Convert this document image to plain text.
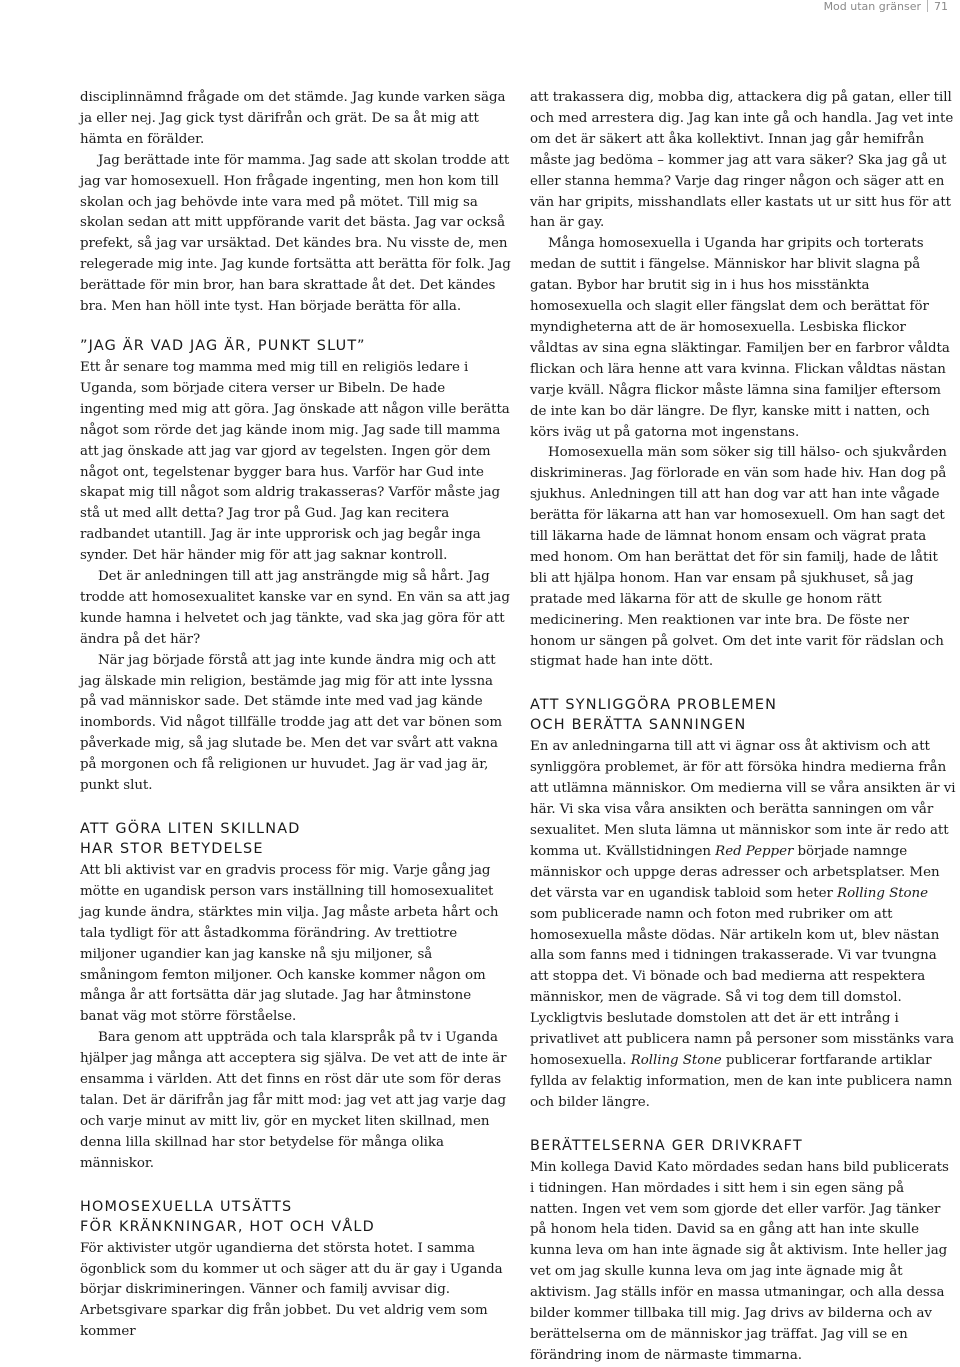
Mod utan gränser 71

disciplinnämnd frågade om det stämde. Jag kunde varken säga ja eller nej. Jag gick tyst därifrån och grät. De sa åt mig att hämta en förälder.

Jag berättade inte för mamma. Jag sade att skolan trodde att jag var homosexuell. Hon frågade ingenting, men hon kom till skolan och jag behövde inte vara med på mötet. Till mig sa skolan sedan att mitt uppförande varit det bästa. Jag var också prefekt, så jag var ursäktad. Det kändes bra. Nu visste de, men relegerade mig inte. Jag kunde fortsätta att berätta för folk. Jag berättade för min bror, han bara skrattade åt det. Det kändes bra. Men han höll inte tyst. Han började berätta för alla.

”JAG ÄR VAD JAG ÄR, PUNKT SLUT”

Ett år senare tog mamma med mig till en religiös ledare i Uganda, som började citera verser ur Bibeln. De hade ingenting med mig att göra. Jag önskade att någon ville berätta något som rörde det jag kände inom mig. Jag sade till mamma att jag önskade att jag var gjord av tegelsten. Ingen gör dem något ont, tegelstenar bygger bara hus. Varför har Gud inte skapat mig till något som aldrig trakasseras? Varför måste jag stå ut med allt detta? Jag tror på Gud. Jag kan recitera radbandet utantill. Jag är inte upprorisk och jag begår inga synder. Det här händer mig för att jag saknar kontroll.

Det är anledningen till att jag ansträngde mig så hårt. Jag trodde att homosexualitet kanske var en synd. En vän sa att jag kunde hamna i helvetet och jag tänkte, vad ska jag göra för att ändra på det här?

När jag började förstå att jag inte kunde ändra mig och att jag älskade min religion, bestämde jag mig för att inte lyssna på vad människor sade. Det stämde inte med vad jag kände inombords. Vid något tillfälle trodde jag att det var bönen som påverkade mig, så jag slutade be. Men det var svårt att vakna på morgonen och få religionen ur huvudet. Jag är vad jag är, punkt slut.

ATT GÖRA LITEN SKILLNAD
HAR STOR BETYDELSE

Att bli aktivist var en gradvis process för mig. Varje gång jag mötte en ugandisk person vars inställning till homosexualitet jag kunde ändra, stärktes min vilja. Jag måste arbeta hårt och tala tydligt för att åstadkomma förändring. Av trettiotre miljoner ugandier kan jag kanske nå sju miljoner, så småningom femton miljoner. Och kanske kommer någon om många år att fortsätta där jag slutade. Jag har åtminstone banat väg mot större förståelse.

Bara genom att uppträda och tala klarspråk på tv i Uganda hjälper jag många att acceptera sig själva. De vet att de inte är ensamma i världen. Att det finns en röst där ute som för deras talan. Det är därifrån jag får mitt mod: jag vet att jag varje dag och varje minut av mitt liv, gör en mycket liten skillnad, men denna lilla skillnad har stor betydelse för många olika människor.

HOMOSEXUELLA UTSÄTTS
FÖR KRÄNKNINGAR, HOT OCH VÅLD

För aktivister utgör ugandierna det största hotet. I samma ögonblick som du kommer ut och säger att du är gay i Uganda börjar diskrimineringen. Vänner och familj avvisar dig. Arbetsgivare sparkar dig från jobbet. Du vet aldrig vem som kommer

att trakassera dig, mobba dig, attackera dig på gatan, eller till och med arrestera dig. Jag kan inte gå och handla. Jag vet inte om det är säkert att åka kollektivt. Innan jag går hemifrån måste jag bedöma – kommer jag att vara säker? Ska jag gå ut eller stanna hemma? Varje dag ringer någon och säger att en vän har gripits, misshandlats eller kastats ut ur sitt hus för att han är gay.

Många homosexuella i Uganda har gripits och torterats medan de suttit i fängelse. Människor har blivit slagna på gatan. Bybor har brutit sig in i hus hos misstänkta homosexuella och slagit eller fängslat dem och berättat för myndigheterna att de är homosexuella. Lesbiska flickor våldtas av sina egna släktingar. Familjen ber en farbror våldta flickan och lära henne att vara kvinna. Flickan våldtas nästan varje kväll. Några flickor måste lämna sina familjer eftersom de inte kan bo där längre. De flyr, kanske mitt i natten, och körs iväg ut på gatorna mot ingenstans.

Homosexuella män som söker sig till hälso- och sjukvården diskrimineras. Jag förlorade en vän som hade hiv. Han dog på sjukhus. Anledningen till att han dog var att han inte vågade berätta för läkarna att han var homosexuell. Om han sagt det till läkarna hade de lämnat honom ensam och vägrat prata med honom. Om han berättat det för sin familj, hade de låtit bli att hjälpa honom. Han var ensam på sjukhuset, så jag pratade med läkarna för att de skulle ge honom rätt medicinering. Men reaktionen var inte bra. De föste ner honom ur sängen på golvet. Om det inte varit för rädslan och stigmat hade han inte dött.

ATT SYNLIGGÖRA PROBLEMEN
OCH BERÄTTA SANNINGEN

En av anledningarna till att vi ägnar oss åt aktivism och att synliggöra problemet, är för att försöka hindra medierna från att utlämna människor. Om medierna vill se våra ansikten är vi här. Vi ska visa våra ansikten och berätta sanningen om vår sexualitet. Men sluta lämna ut människor som inte är redo att komma ut. Kvällstidningen Red Pepper började namnge människor och uppge deras adresser och arbetsplatser. Men det värsta var en ugandisk tabloid som heter Rolling Stone som publicerade namn och foton med rubriker om att homosexuella måste dödas. När artikeln kom ut, blev nästan alla som fanns med i tidningen trakasserade. Vi var tvungna att stoppa det. Vi bönade och bad medierna att respektera människor, men de vägrade. Så vi tog dem till domstol. Lyckligtvis beslutade domstolen att det är ett intrång i privatlivet att publicera namn på personer som misstänks vara homosexuella. Rolling Stone publicerar fortfarande artiklar fyllda av felaktig information, men de kan inte publicera namn och bilder längre.

BERÄTTELSERNA GER DRIVKRAFT

Min kollega David Kato mördades sedan hans bild publicerats i tidningen. Han mördades i sitt hem i sin egen säng på natten. Ingen vet vem som gjorde det eller varför. Jag tänker på honom hela tiden. David sa en gång att han inte skulle kunna leva om han inte ägnade sig åt aktivism. Inte heller jag vet om jag skulle kunna leva om jag inte ägnade mig åt aktivism. Jag ställs inför en massa utmaningar, och alla dessa bilder kommer tillbaka till mig. Jag drivs av bilderna och av berättelserna om de människor jag träffat. Jag vill se en förändring inom de närmaste timmarna.
